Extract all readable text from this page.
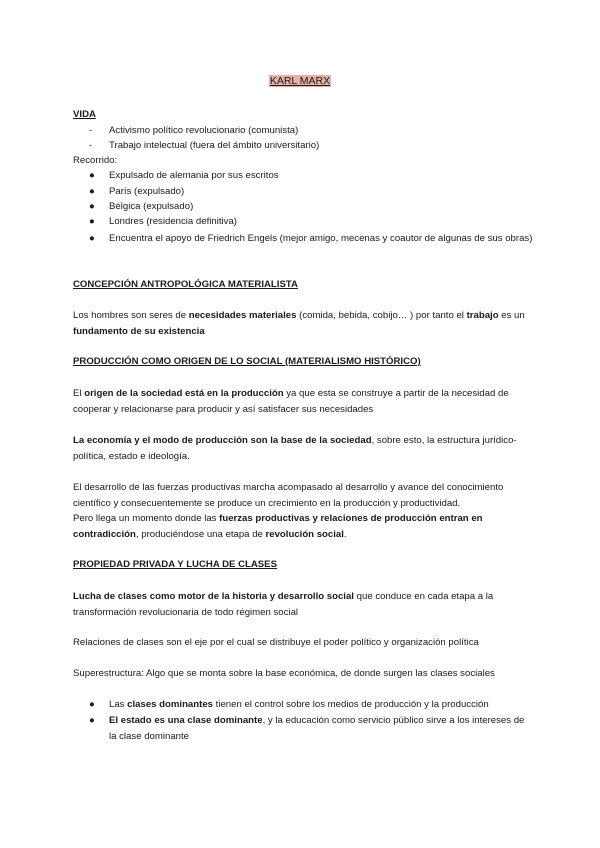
KARL MARX
VIDA
- Activismo político revolucionario (comunista)
- Trabajo intelectual (fuera del ámbito universitario)
Recorrido:
● Expulsado de alemania por sus escritos
● París (expulsado)
● Bélgica (expulsado)
● Londres (residencia definitiva)
● Encuentra el apoyo de Friedrich Engels (mejor amigo, mecenas y coautor de algunas de sus obras)
CONCEPCIÓN ANTROPOLÓGICA MATERIALISTA

Los hombres son seres de necesidades materiales (comida, bebida, cobijo… ) por tanto el trabajo es un fundamento de su existencia

PRODUCCIÓN COMO ORIGEN DE LO SOCIAL (MATERIALISMO HISTÓRICO)

El origen de la sociedad está en la producción ya que esta se construye a partir de la necesidad de cooperar y relacionarse para producir y así satisfacer sus necesidades

La economía y el modo de producción son la base de la sociedad, sobre esto, la estructura jurídico-política, estado e ideología.

El desarrollo de las fuerzas productivas marcha acompasado al desarrollo y avance del conocimiento científico y consecuentemente se produce un crecimiento en la producción y productividad.

Pero llega un momento donde las fuerzas productivas y relaciones de producción entran en contradicción, produciéndose una etapa de revolución social.

PROPIEDAD PRIVADA Y LUCHA DE CLASES

Lucha de clases como motor de la historia y desarrollo social que conduce en cada etapa a la transformación revolucionaria de todo régimen social

Relaciones de clases son el eje por el cual se distribuye el poder político y organización política

Superestructura: Algo que se monta sobre la base económica, de donde surgen las clases sociales

● Las clases dominantes tienen el control sobre los medios de producción y la producción
● El estado es una clase dominante, y la educación como servicio público sirve a los intereses de la clase dominante
